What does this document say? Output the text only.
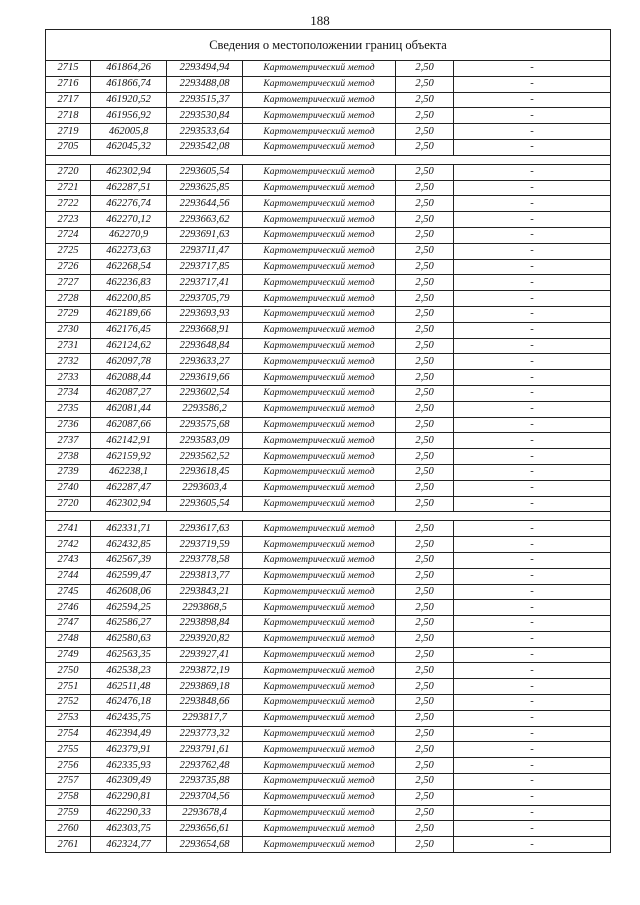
188
Сведения о местоположении границ объекта					
2715	461864,26	2293494,94	Картометрический метод	2,50	-
2716	461866,74	2293488,08	Картометрический метод	2,50	-
2717	461920,52	2293515,37	Картометрический метод	2,50	-
2718	461956,92	2293530,84	Картометрический метод	2,50	-
2719	462005,8	2293533,64	Картометрический метод	2,50	-
2705	462045,32	2293542,08	Картометрический метод	2,50	-

2720	462302,94	2293605,54	Картометрический метод	2,50	-
2721	462287,51	2293625,85	Картометрический метод	2,50	-
2722	462276,74	2293644,56	Картометрический метод	2,50	-
2723	462270,12	2293663,62	Картометрический метод	2,50	-
2724	462270,9	2293691,63	Картометрический метод	2,50	-
2725	462273,63	2293711,47	Картометрический метод	2,50	-
2726	462268,54	2293717,85	Картометрический метод	2,50	-
2727	462236,83	2293717,41	Картометрический метод	2,50	-
2728	462200,85	2293705,79	Картометрический метод	2,50	-
2729	462189,66	2293693,93	Картометрический метод	2,50	-
2730	462176,45	2293668,91	Картометрический метод	2,50	-
2731	462124,62	2293648,84	Картометрический метод	2,50	-
2732	462097,78	2293633,27	Картометрический метод	2,50	-
2733	462088,44	2293619,66	Картометрический метод	2,50	-
2734	462087,27	2293602,54	Картометрический метод	2,50	-
2735	462081,44	2293586,2	Картометрический метод	2,50	-
2736	462087,66	2293575,68	Картометрический метод	2,50	-
2737	462142,91	2293583,09	Картометрический метод	2,50	-
2738	462159,92	2293562,52	Картометрический метод	2,50	-
2739	462238,1	2293618,45	Картометрический метод	2,50	-
2740	462287,47	2293603,4	Картометрический метод	2,50	-
2720	462302,94	2293605,54	Картометрический метод	2,50	-

2741	462331,71	2293617,63	Картометрический метод	2,50	-
2742	462432,85	2293719,59	Картометрический метод	2,50	-
2743	462567,39	2293778,58	Картометрический метод	2,50	-
2744	462599,47	2293813,77	Картометрический метод	2,50	-
2745	462608,06	2293843,21	Картометрический метод	2,50	-
2746	462594,25	2293868,5	Картометрический метод	2,50	-
2747	462586,27	2293898,84	Картометрический метод	2,50	-
2748	462580,63	2293920,82	Картометрический метод	2,50	-
2749	462563,35	2293927,41	Картометрический метод	2,50	-
2750	462538,23	2293872,19	Картометрический метод	2,50	-
2751	462511,48	2293869,18	Картометрический метод	2,50	-
2752	462476,18	2293848,66	Картометрический метод	2,50	-
2753	462435,75	2293817,7	Картометрический метод	2,50	-
2754	462394,49	2293773,32	Картометрический метод	2,50	-
2755	462379,91	2293791,61	Картометрический метод	2,50	-
2756	462335,93	2293762,48	Картометрический метод	2,50	-
2757	462309,49	2293735,88	Картометрический метод	2,50	-
2758	462290,81	2293704,56	Картометрический метод	2,50	-
2759	462290,33	2293678,4	Картометрический метод	2,50	-
2760	462303,75	2293656,61	Картометрический метод	2,50	-
2761	462324,77	2293654,68	Картометрический метод	2,50	-
